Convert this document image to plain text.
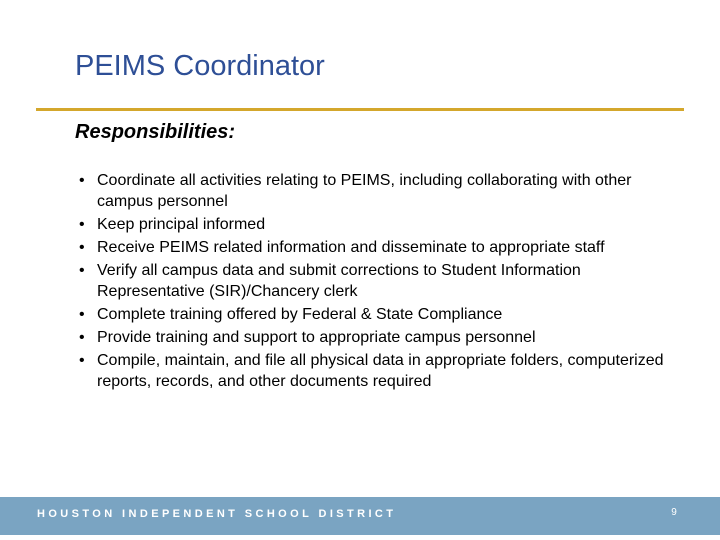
PEIMS Coordinator
Responsibilities:
• Coordinate all activities relating to PEIMS, including collaborating with other campus personnel
• Keep principal informed
• Receive PEIMS related information and disseminate to appropriate staff
• Verify all campus data and submit corrections to Student Information Representative (SIR)/Chancery clerk
• Complete training offered by Federal & State Compliance
• Provide training and support to appropriate campus personnel
• Compile, maintain, and file all physical data in appropriate folders, computerized reports, records, and other documents required
HOUSTON INDEPENDENT SCHOOL DISTRICT	9
